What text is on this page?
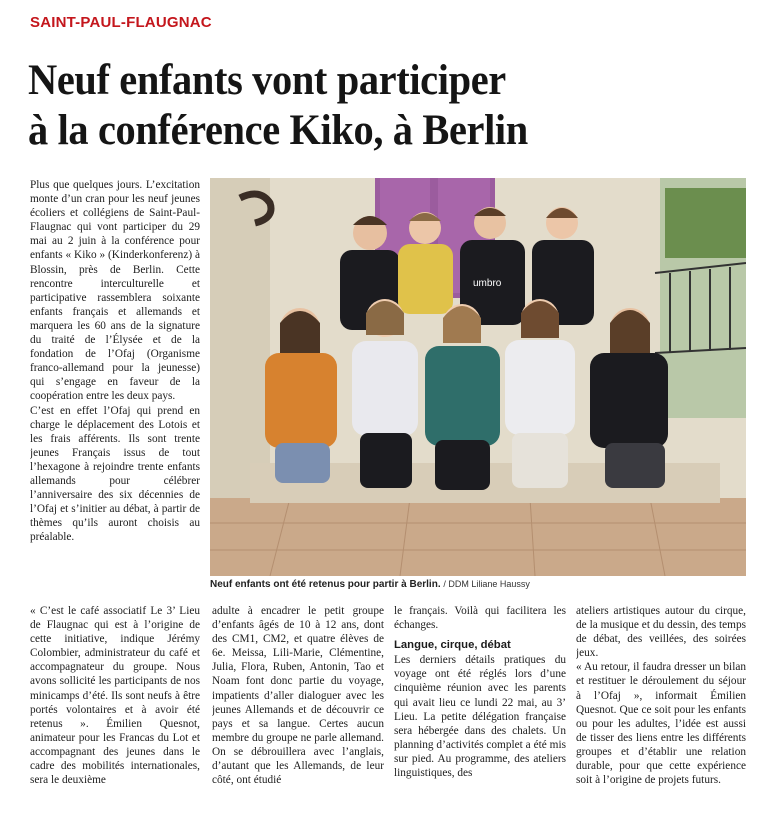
SAINT-PAUL-FLAUGNAC
Neuf enfants vont participer
à la conférence Kiko, à Berlin

Plus que quelques jours. L’excitation monte d’un cran pour les neuf jeunes écoliers et collégiens de Saint-Paul-Flaugnac qui vont participer du 29 mai au 2 juin à la conférence pour enfants « Kiko » (Kinderkonferenz) à Blossin, près de Berlin. Cette rencontre interculturelle et participative rassemblera soixante enfants français et allemands et marquera les 60 ans de la signature du traité de l’Élysée et de la fondation de l’Ofaj (Organisme franco-allemand pour la jeunesse) qui s’engage en faveur de la coopération entre les deux pays.

C’est en effet l’Ofaj qui prend en charge le déplacement des Lotois et les frais afférents. Ils sont trente jeunes Français issus de tout l’hexagone à rejoindre trente enfants allemands pour célébrer l’anniversaire des six décennies de l’Ofaj et s’initier au débat, à partir de thèmes qu’ils auront choisis au préalable.

umbro
Neuf enfants ont été retenus pour partir à Berlin. / DDM Liliane Haussy

« C’est le café associatif Le 3’ Lieu de Flaugnac qui est à l’origine de cette initiative, indique Jérémy Colombier, administrateur du café et accompagnateur du groupe. Nous avons sollicité les participants de nos minicamps d’été. Ils sont neufs à être portés volontaires et à avoir été retenus ». Émilien Quesnot, animateur pour les Francas du Lot et accompagnant des jeunes dans le cadre des mobilités internationales, sera le deuxième

adulte à encadrer le petit groupe d’enfants âgés de 10 à 12 ans, dont des CM1, CM2, et quatre élèves de 6e. Meissa, Lili-Marie, Clémentine, Julia, Flora, Ruben, Antonin, Tao et Noam font donc partie du voyage, impatients d’aller dialoguer avec les jeunes Allemands et de découvrir ce pays et sa langue. Certes aucun membre du groupe ne parle allemand. On se débrouillera avec l’anglais, d’autant que les Allemands, de leur côté, ont étudié

le français. Voilà qui facilitera les échanges.

Langue, cirque, débat

Les derniers détails pratiques du voyage ont été réglés lors d’une cinquième réunion avec les parents qui avait lieu ce lundi 22 mai, au 3’ Lieu. La petite délégation française sera hébergée dans des chalets. Un planning d’activités complet a été mis sur pied. Au programme, des ateliers linguistiques, des

ateliers artistiques autour du cirque, de la musique et du dessin, des temps de débat, des veillées, des soirées jeux.

« Au retour, il faudra dresser un bilan et restituer le déroulement du séjour à l’Ofaj », informait Émilien Quesnot. Que ce soit pour les enfants ou pour les adultes, l’idée est aussi de tisser des liens entre les différents groupes et d’établir une relation durable, pour que cette expérience soit à l’origine de projets futurs.
